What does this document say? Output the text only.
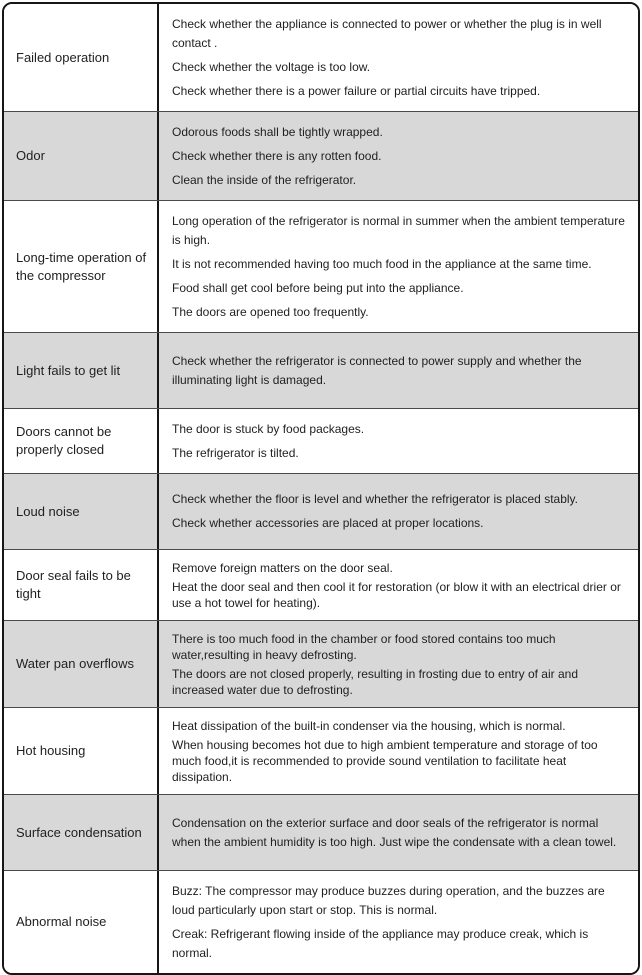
Failed operation
Check whether the appliance is connected to power or whether the plug is in well contact .
Check whether the voltage is too low.
Check whether there is a power failure or partial circuits have tripped.
Odor
Odorous foods shall be tightly wrapped.
Check whether there is any rotten food.
Clean the inside of the refrigerator.
Long-time operation of the compressor
Long operation of the refrigerator is normal in summer when the ambient temperature is high.
It is not recommended having too much food in the appliance at the same time.
Food shall get cool before being put into the appliance.
The doors are opened too frequently.
Light fails to get lit
Check whether the refrigerator is connected to power supply and whether the illuminating light is damaged.
Doors cannot be properly closed
The door is stuck by food packages.
The refrigerator is tilted.
Loud noise
Check whether the floor is level and whether the refrigerator is placed stably.
Check whether accessories are placed at proper locations.
Door seal fails to be tight
Remove foreign matters on the door seal.
Heat the door seal and then cool it for restoration (or blow it with an electrical drier or use a hot towel for heating).
Water pan overflows
There is too much food in the chamber or food stored contains too much water,resulting in heavy defrosting.
The doors are not closed properly, resulting in frosting due to entry of air and increased water due to defrosting.
Hot housing
Heat dissipation of the built-in condenser via the housing, which is normal.
When housing becomes hot due to high ambient temperature and storage of too much food,it is recommended to provide sound ventilation to facilitate heat dissipation.
Surface condensation
Condensation on the exterior surface and door seals of the refrigerator is normal when the ambient humidity is too high. Just wipe the condensate with a clean towel.
Abnormal noise
Buzz: The compressor may produce buzzes during operation, and the buzzes are loud particularly upon start or stop. This is normal.
Creak: Refrigerant flowing inside of the appliance may produce creak, which is normal.
